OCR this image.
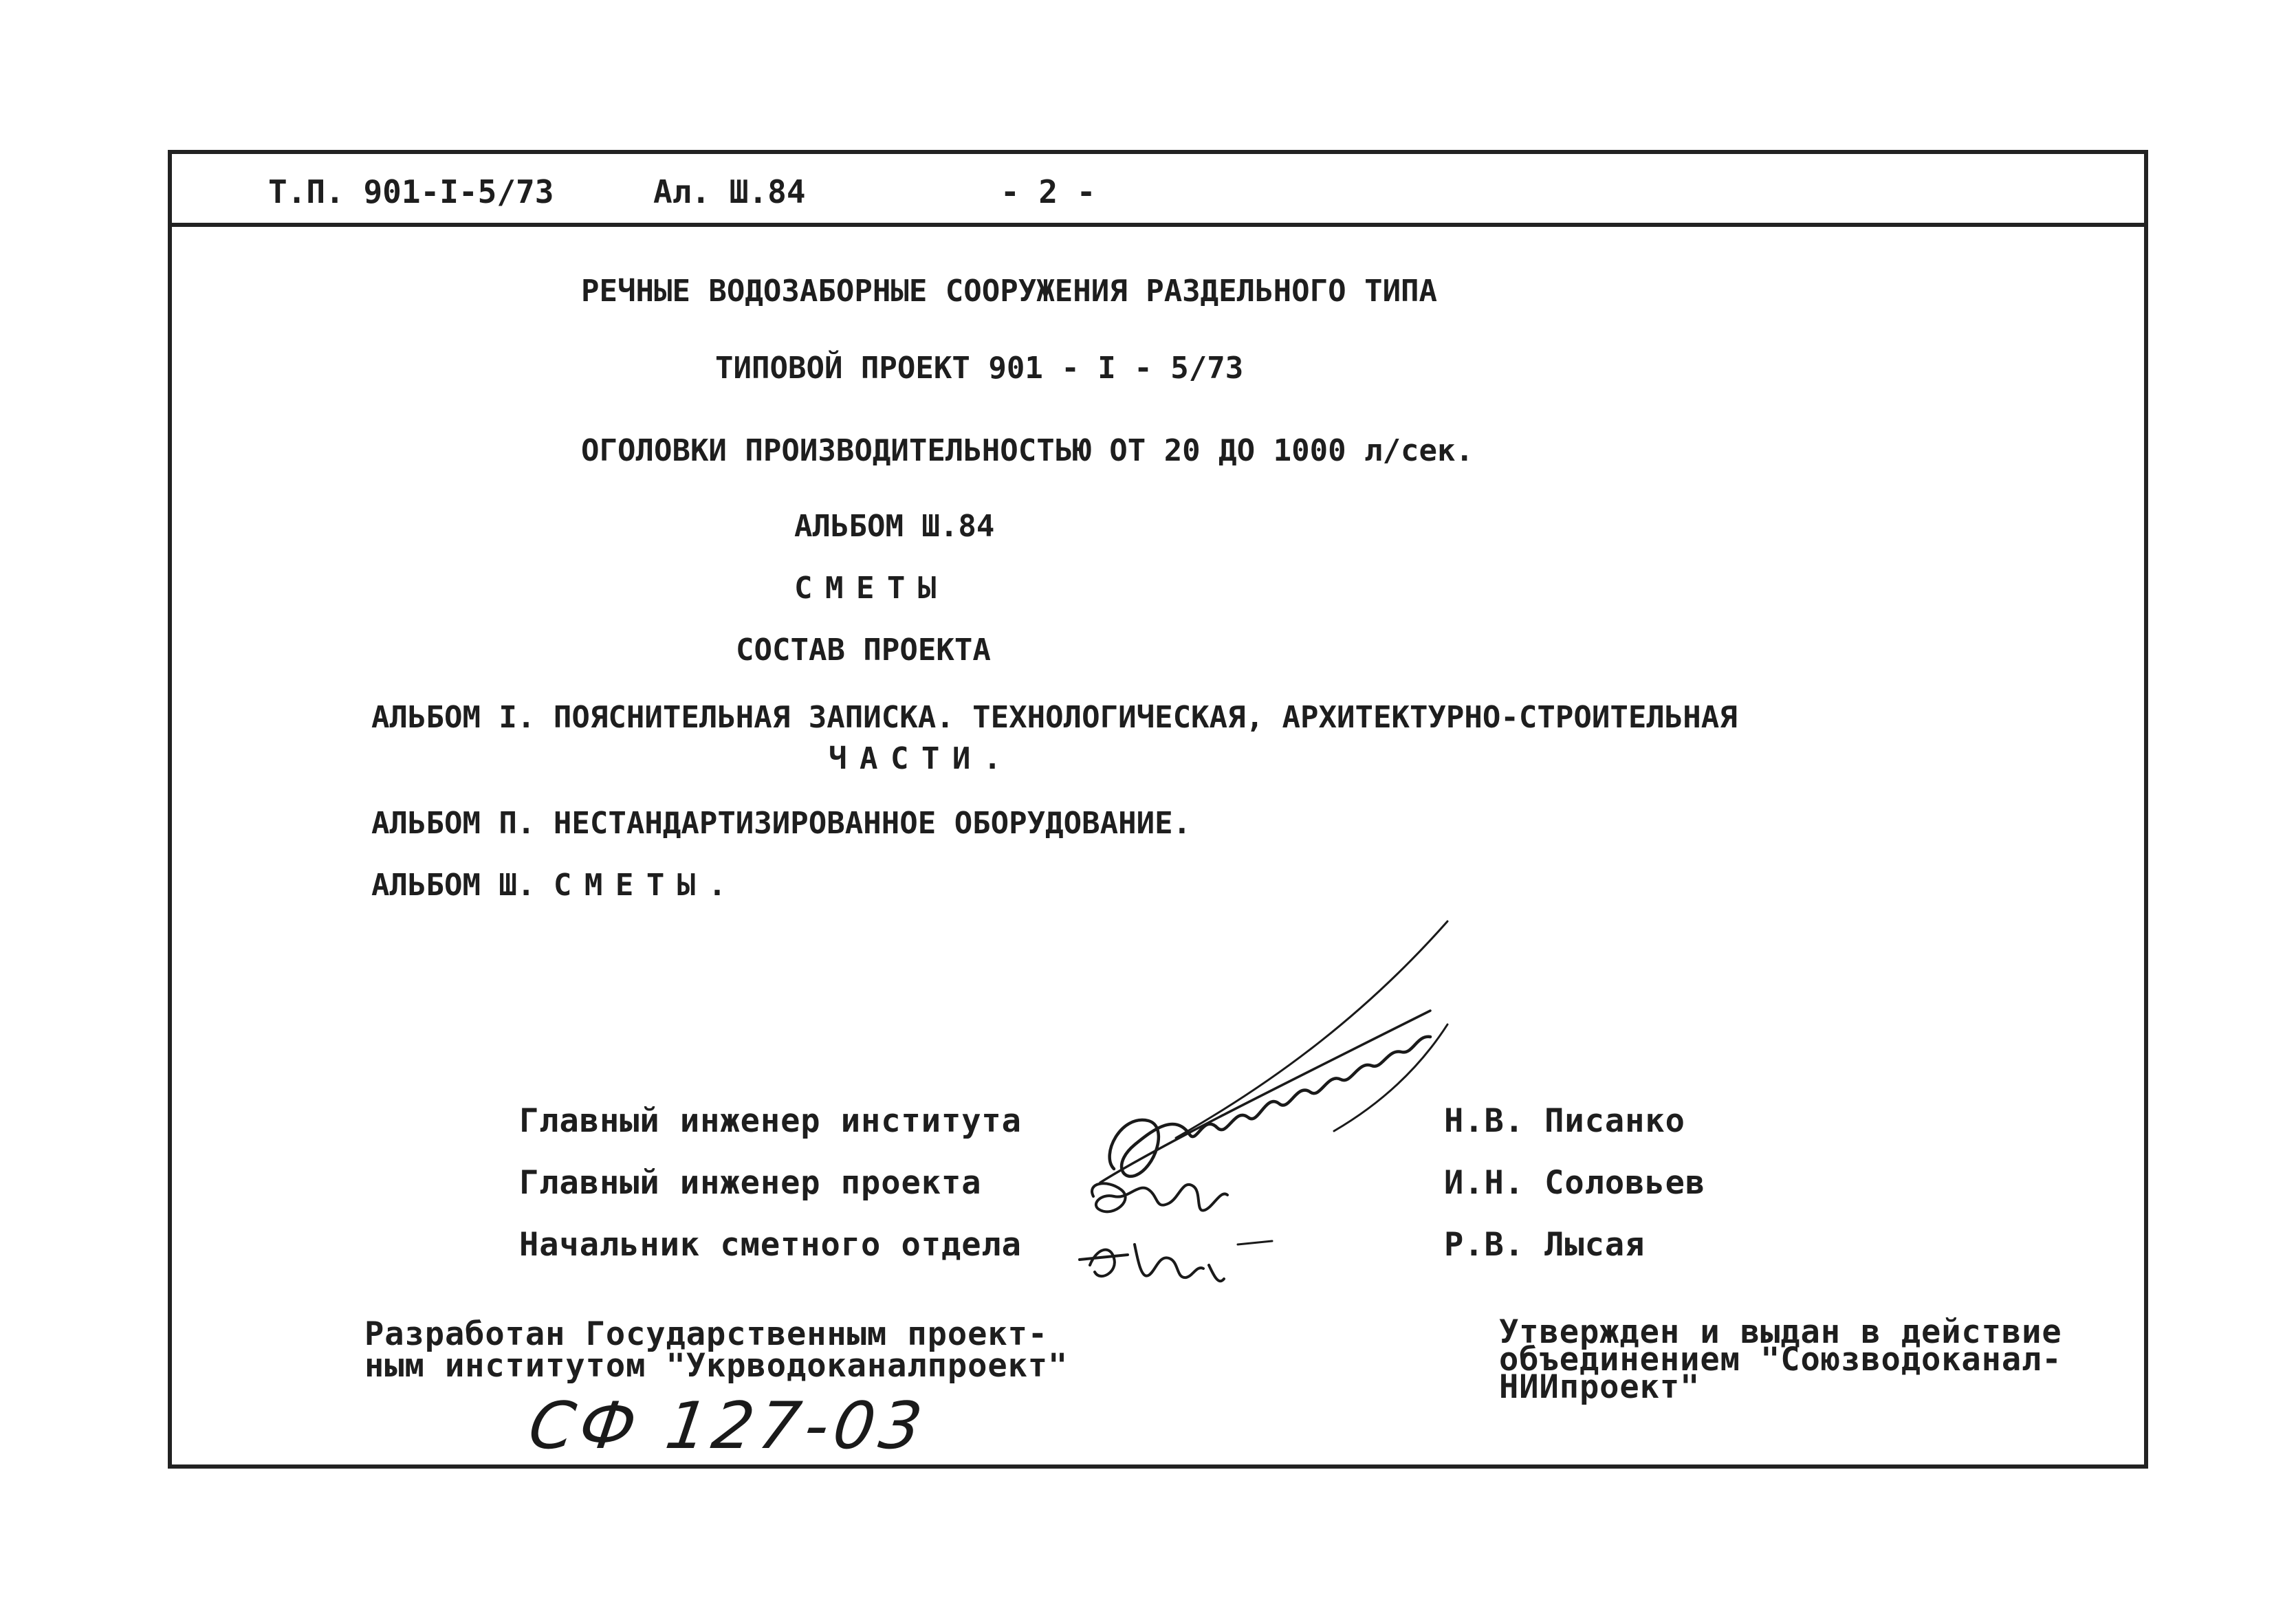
Т.П. 901-I-5/73	Ал. Ш.84	- 2 -
РЕЧНЫЕ ВОДОЗАБОРНЫЕ СООРУЖЕНИЯ РАЗДЕЛЬНОГО ТИПА
ТИПОВОЙ ПРОЕКТ 901 - I - 5/73
ОГОЛОВКИ ПРОИЗВОДИТЕЛЬНОСТЬЮ ОТ 20 ДО 1000 л/сек.
АЛЬБОМ Ш.84
СМЕТЫ
СОСТАВ ПРОЕКТА
АЛЬБОМ I. ПОЯСНИТЕЛЬНАЯ ЗАПИСКА. ТЕХНОЛОГИЧЕСКАЯ, АРХИТЕКТУРНО-СТРОИТЕЛЬНАЯ
ЧАСТИ.
АЛЬБОМ П. НЕСТАНДАРТИЗИРОВАННОЕ ОБОРУДОВАНИЕ.
АЛЬБОМ Ш. СМЕТЫ.
Главный инженер института
Главный инженер проекта
Начальник сметного отдела
Н.В. Писанко
И.Н. Соловьев
Р.В. Лысая
Разработан Государственным проект-
ным институтом "Укрводоканалпроект"
СФ 127-03
Утвержден и выдан в действие
объединением "Союзводоканал-
НИИпроект"
